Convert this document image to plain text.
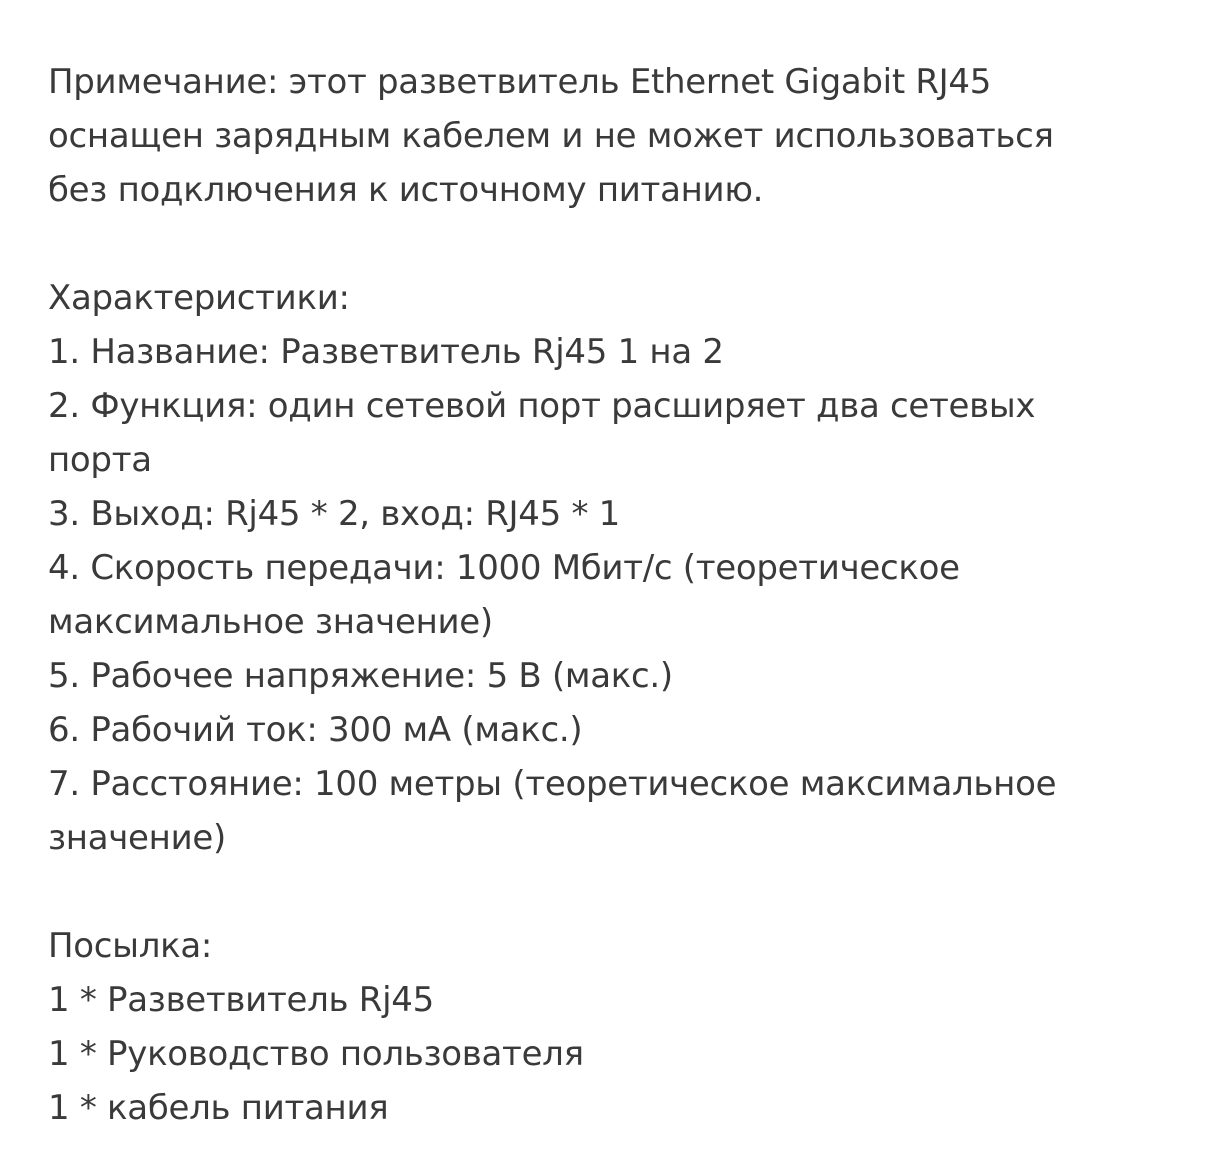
Примечание: этот разветвитель Ethernet Gigabit RJ45

оснащен зарядным кабелем и не может использоваться

без подключения к источному питанию.

Характеристики:

1. Название: Разветвитель Rj45 1 на 2

2. Функция: один сетевой порт расширяет два сетевых

порта

3. Выход: Rj45 * 2, вход: RJ45 * 1

4. Скорость передачи: 1000 Мбит/с (теоретическое

максимальное значение)

5. Рабочее напряжение: 5 В (макс.)

6. Рабочий ток: 300 мА (макс.)

7. Расстояние: 100 метры (теоретическое максимальное

значение)

Посылка:

1 * Разветвитель Rj45

1 * Руководство пользователя

1 * кабель питания
